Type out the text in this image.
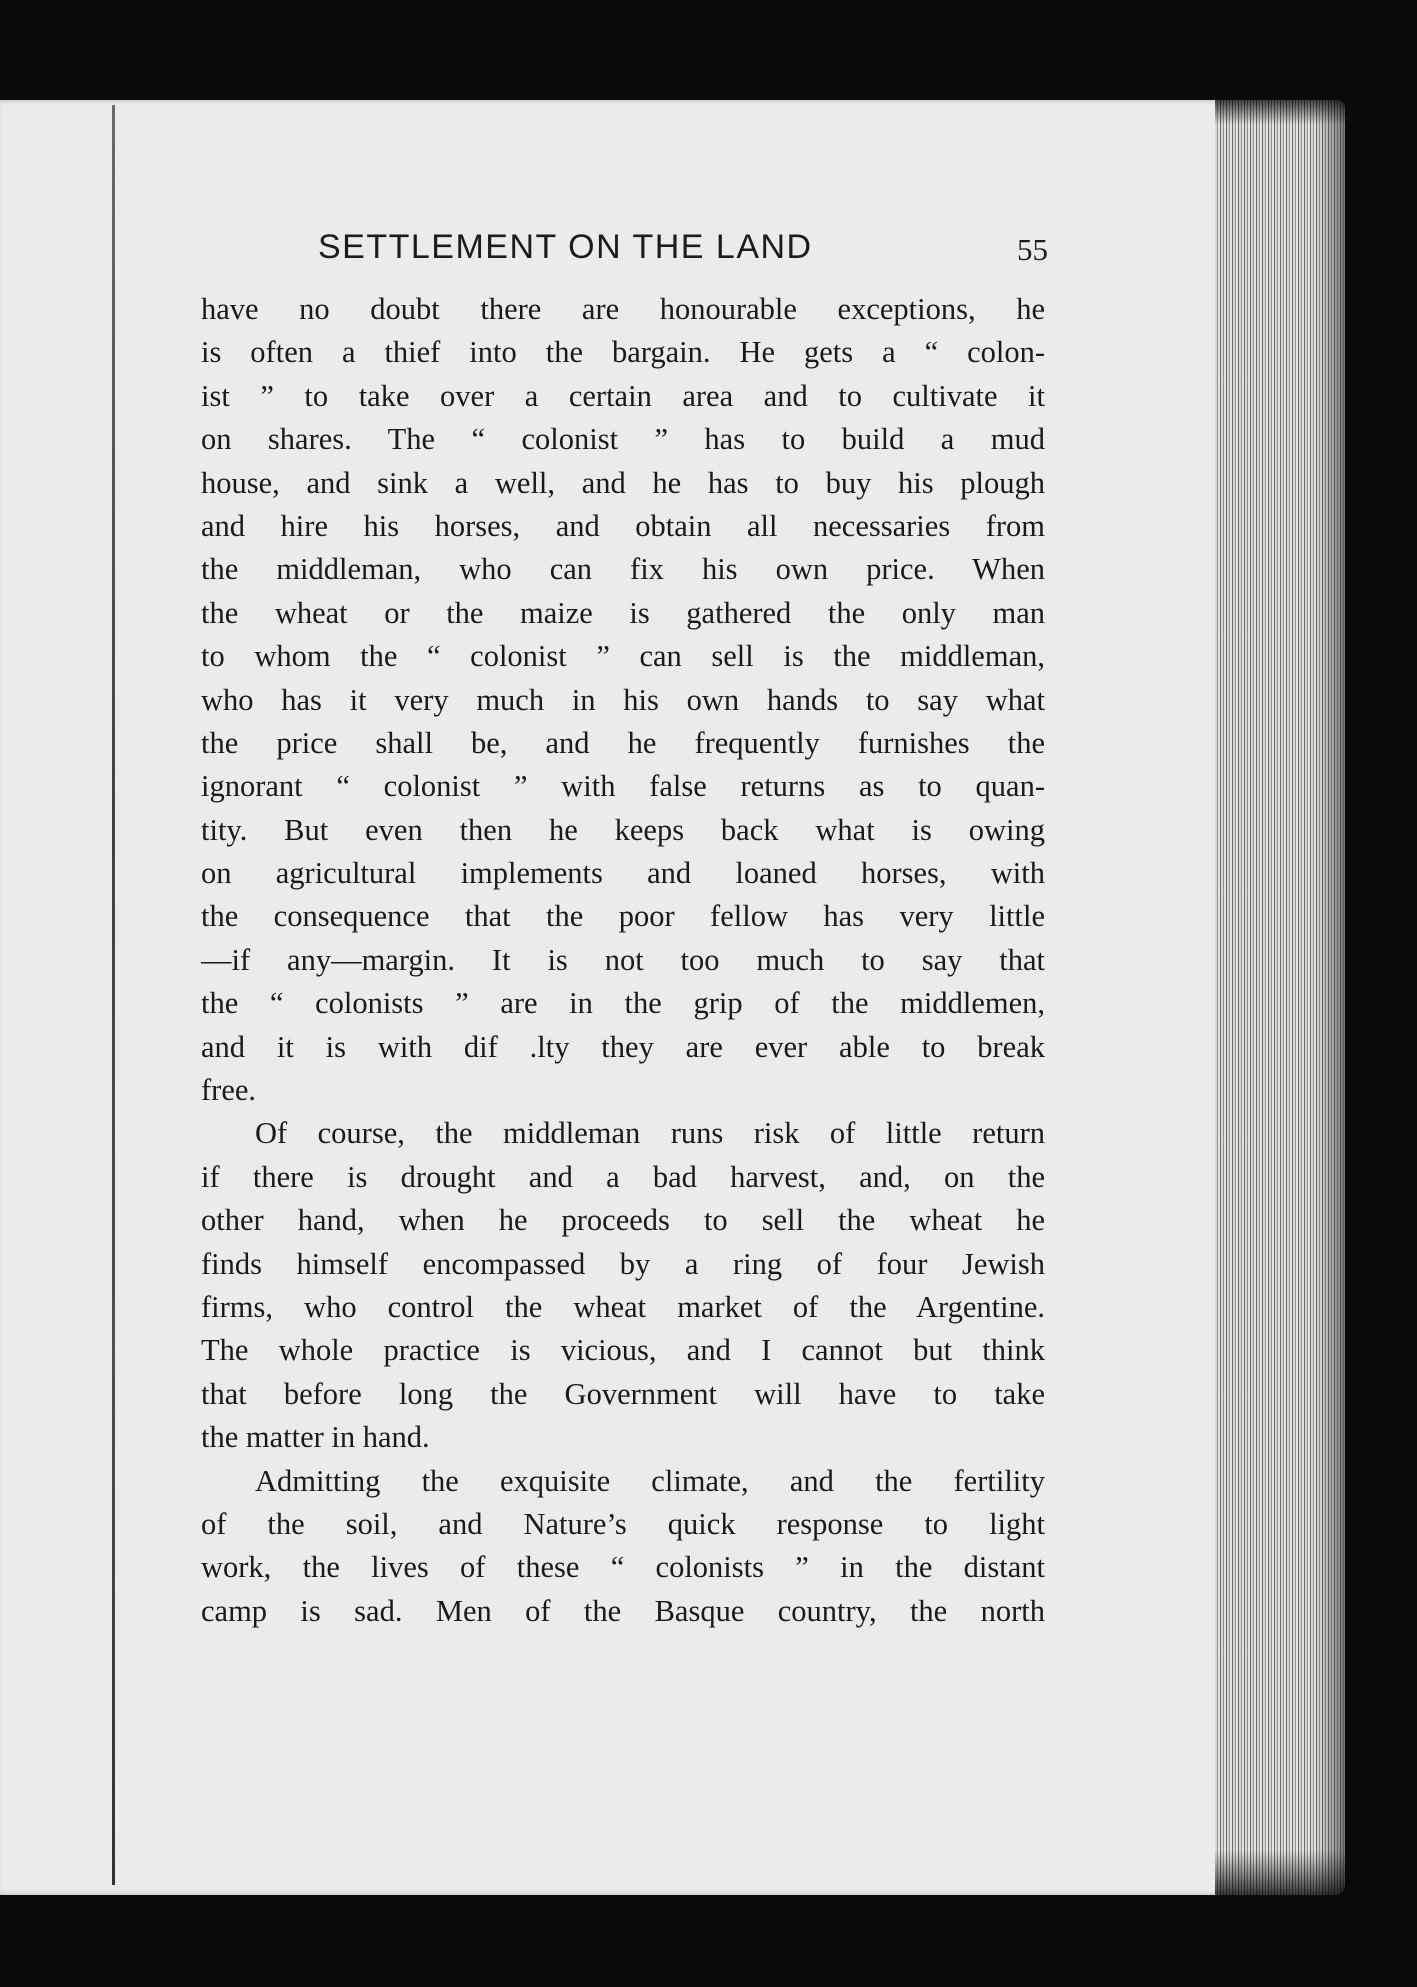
SETTLEMENT ON THE LAND	55
have no doubt there are honourable exceptions, he
is often a thief into the bargain. He gets a “ colon-
ist ” to take over a certain area and to cultivate it
on shares. The “ colonist ” has to build a mud
house, and sink a well, and he has to buy his plough
and hire his horses, and obtain all necessaries from
the middleman, who can fix his own price. When
the wheat or the maize is gathered the only man
to whom the “ colonist ” can sell is the middleman,
who has it very much in his own hands to say what
the price shall be, and he frequently furnishes the
ignorant “ colonist ” with false returns as to quan-
tity. But even then he keeps back what is owing
on agricultural implements and loaned horses, with
the consequence that the poor fellow has very little
—if any—margin. It is not too much to say that
the “ colonists ” are in the grip of the middlemen,
and it is with dif .lty they are ever able to break
free.
Of course, the middleman runs risk of little return
if there is drought and a bad harvest, and, on the
other hand, when he proceeds to sell the wheat he
finds himself encompassed by a ring of four Jewish
firms, who control the wheat market of the Argentine.
The whole practice is vicious, and I cannot but think
that before long the Government will have to take
the matter in hand.
Admitting the exquisite climate, and the fertility
of the soil, and Nature’s quick response to light
work, the lives of these “ colonists ” in the distant
camp is sad. Men of the Basque country, the north
